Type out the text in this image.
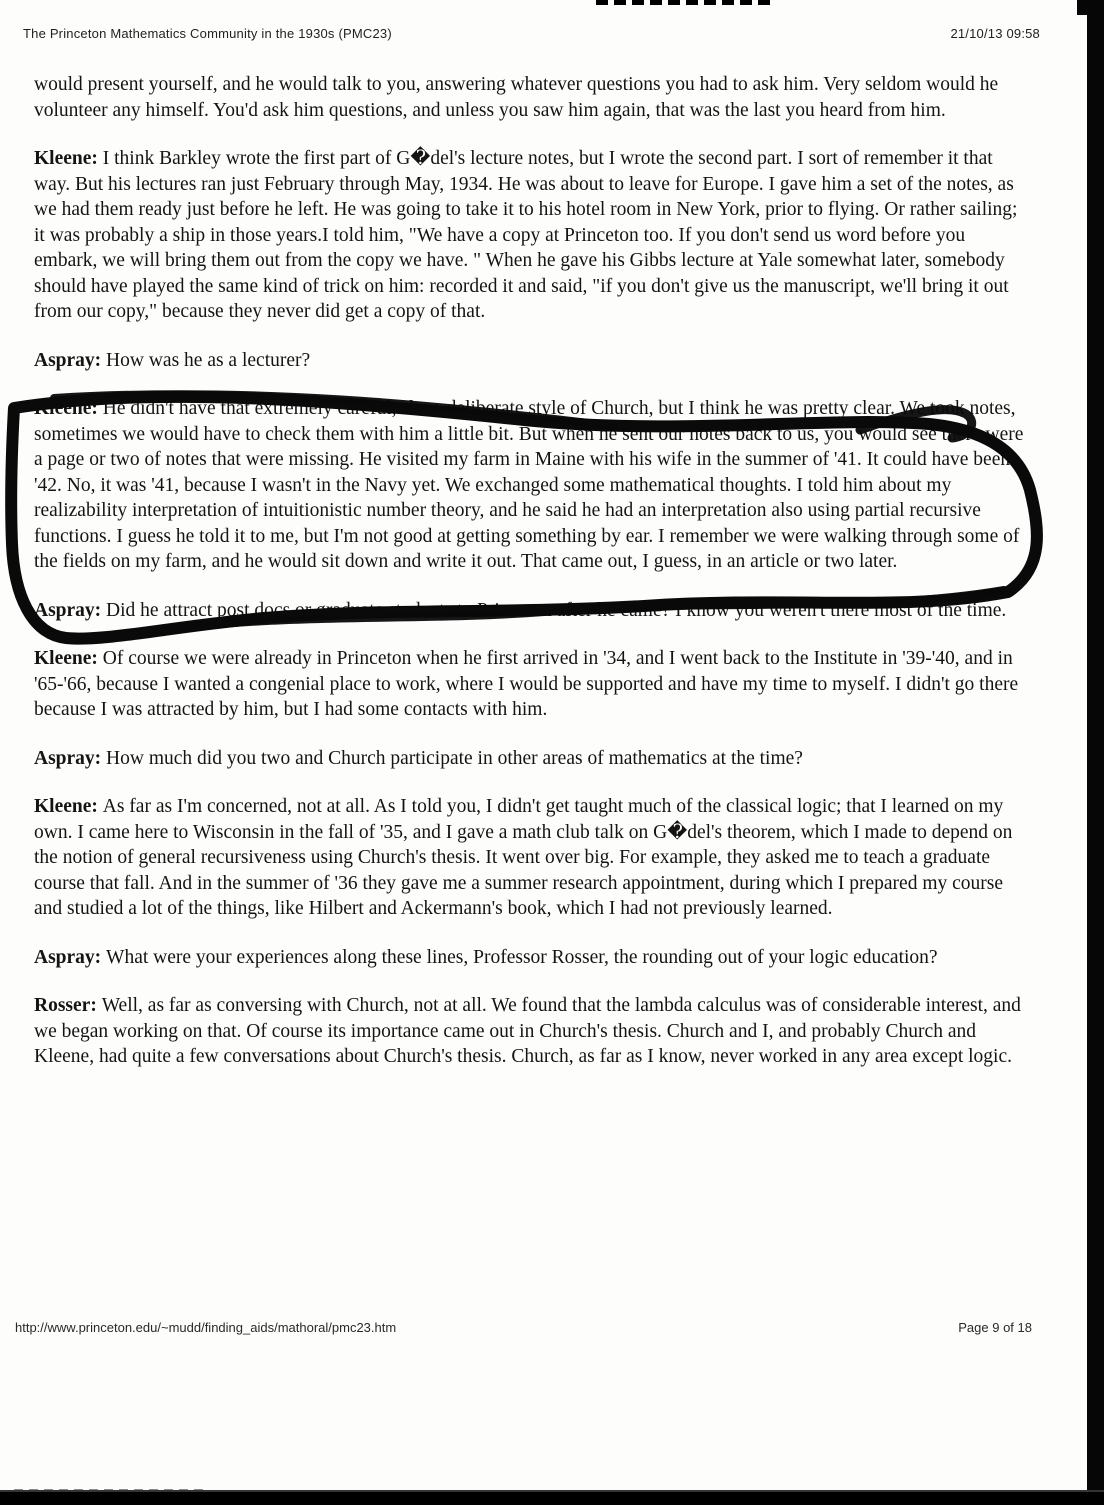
The Princeton Mathematics Community in the 1930s (PMC23)	21/10/13 09:58

would present yourself, and he would talk to you, answering whatever questions you had to ask him. Very seldom would he volunteer any himself. You'd ask him questions, and unless you saw him again, that was the last you heard from him.

Kleene: I think Barkley wrote the first part of G�del's lecture notes, but I wrote the second part. I sort of remember it that way. But his lectures ran just February through May, 1934. He was about to leave for Europe. I gave him a set of the notes, as we had them ready just before he left. He was going to take it to his hotel room in New York, prior to flying. Or rather sailing; it was probably a ship in those years.I told him, "We have a copy at Princeton too. If you don't send us word before you embark, we will bring them out from the copy we have. " When he gave his Gibbs lecture at Yale somewhat later, somebody should have played the same kind of trick on him: recorded it and said, "if you don't give us the manuscript, we'll bring it out from our copy," because they never did get a copy of that.

Aspray: How was he as a lecturer?

Kleene: He didn't have that extremely careful, slow, deliberate style of Church, but I think he was pretty clear. We took notes, sometimes we would have to check them with him a little bit. But when he sent our notes back to us, you would see there were a page or two of notes that were missing. He visited my farm in Maine with his wife in the summer of '41. It could have been '42. No, it was '41, because I wasn't in the Navy yet. We exchanged some mathematical thoughts. I told him about my realizability interpretation of intuitionistic number theory, and he said he had an interpretation also using partial recursive functions. I guess he told it to me, but I'm not good at getting something by ear. I remember we were walking through some of the fields on my farm, and he would sit down and write it out. That came out, I guess, in an article or two later.

Aspray: Did he attract post docs or graduate students to Princeton after he came? I know you weren't there most of the time.

Kleene: Of course we were already in Princeton when he first arrived in '34, and I went back to the Institute in '39-'40, and in '65-'66, because I wanted a congenial place to work, where I would be supported and have my time to myself. I didn't go there because I was attracted by him, but I had some contacts with him.

Aspray: How much did you two and Church participate in other areas of mathematics at the time?

Kleene: As far as I'm concerned, not at all. As I told you, I didn't get taught much of the classical logic; that I learned on my own. I came here to Wisconsin in the fall of '35, and I gave a math club talk on G�del's theorem, which I made to depend on the notion of general recursiveness using Church's thesis. It went over big. For example, they asked me to teach a graduate course that fall. And in the summer of '36 they gave me a summer research appointment, during which I prepared my course and studied a lot of the things, like Hilbert and Ackermann's book, which I had not previously learned.

Aspray: What were your experiences along these lines, Professor Rosser, the rounding out of your logic education?

Rosser: Well, as far as conversing with Church, not at all. We found that the lambda calculus was of considerable interest, and we began working on that. Of course its importance came out in Church's thesis. Church and I, and probably Church and Kleene, had quite a few conversations about Church's thesis. Church, as far as I know, never worked in any area except logic.

http://www.princeton.edu/~mudd/finding_aids/mathoral/pmc23.htm	Page 9 of 18
